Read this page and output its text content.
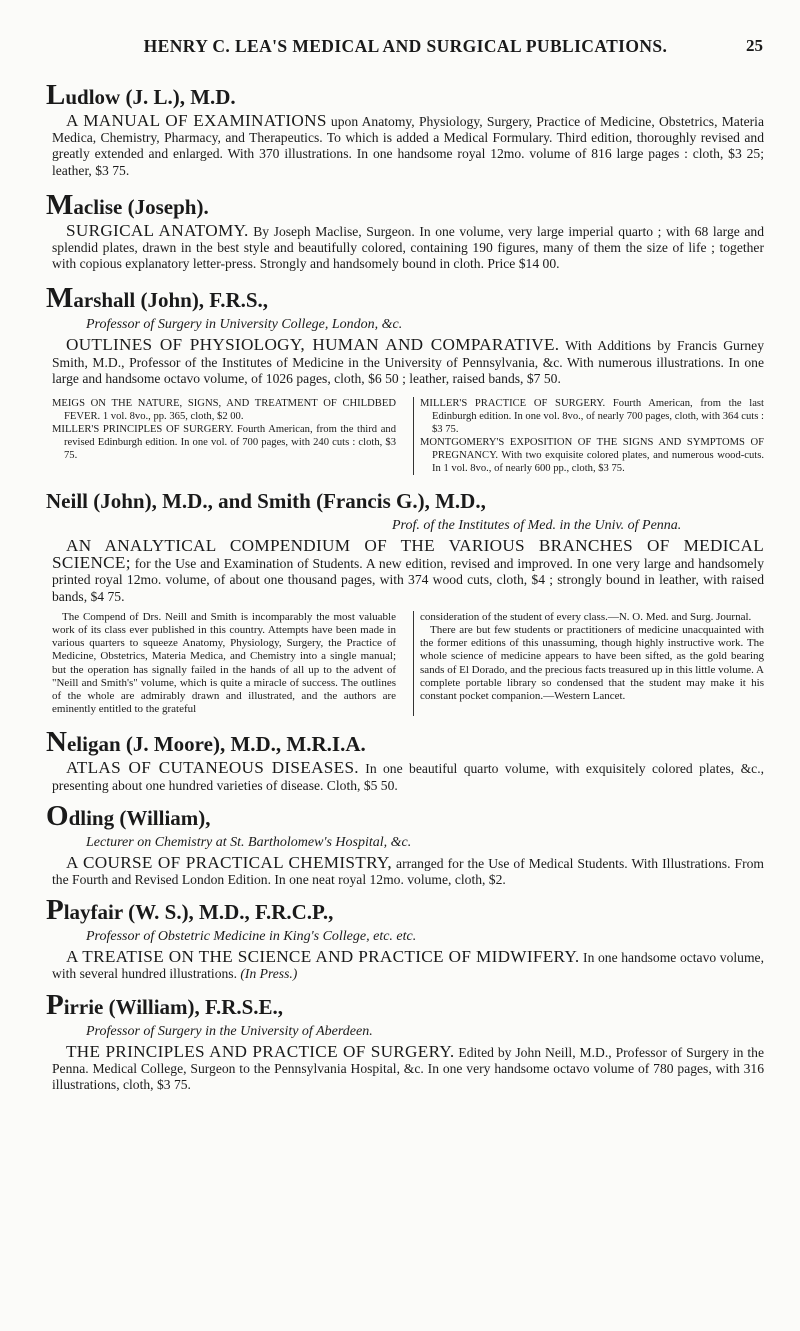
HENRY C. LEA'S MEDICAL AND SURGICAL PUBLICATIONS.	25
Ludlow (J. L.), M.D.

A MANUAL OF EXAMINATIONS upon Anatomy, Physiology, Surgery, Practice of Medicine, Obstetrics, Materia Medica, Chemistry, Pharmacy, and Therapeutics. To which is added a Medical Formulary. Third edition, thoroughly revised and greatly extended and enlarged. With 370 illustrations. In one handsome royal 12mo. volume of 816 large pages : cloth, $3 25; leather, $3 75.

Maclise (Joseph).

SURGICAL ANATOMY. By Joseph Maclise, Surgeon. In one volume, very large imperial quarto ; with 68 large and splendid plates, drawn in the best style and beautifully colored, containing 190 figures, many of them the size of life ; together with copious explanatory letter-press. Strongly and handsomely bound in cloth. Price $14 00.

Marshall (John), F.R.S.,
Professor of Surgery in University College, London, &c.

OUTLINES OF PHYSIOLOGY, HUMAN AND COMPARATIVE. With Additions by Francis Gurney Smith, M.D., Professor of the Institutes of Medicine in the University of Pennsylvania, &c. With numerous illustrations. In one large and handsome octavo volume, of 1026 pages, cloth, $6 50 ; leather, raised bands, $7 50.

MEIGS ON THE NATURE, SIGNS, AND TREATMENT OF CHILDBED FEVER. 1 vol. 8vo., pp. 365, cloth, $2 00.

MILLER'S PRINCIPLES OF SURGERY. Fourth American, from the third and revised Edinburgh edition. In one vol. of 700 pages, with 240 cuts : cloth, $3 75.

MILLER'S PRACTICE OF SURGERY. Fourth American, from the last Edinburgh edition. In one vol. 8vo., of nearly 700 pages, cloth, with 364 cuts : $3 75.

MONTGOMERY'S EXPOSITION OF THE SIGNS AND SYMPTOMS OF PREGNANCY. With two exquisite colored plates, and numerous wood-cuts. In 1 vol. 8vo., of nearly 600 pp., cloth, $3 75.

Neill (John), M.D., and Smith (Francis G.), M.D.,
Prof. of the Institutes of Med. in the Univ. of Penna.

AN ANALYTICAL COMPENDIUM OF THE VARIOUS BRANCHES OF MEDICAL SCIENCE; for the Use and Examination of Students. A new edition, revised and improved. In one very large and handsomely printed royal 12mo. volume, of about one thousand pages, with 374 wood cuts, cloth, $4 ; strongly bound in leather, with raised bands, $4 75.

The Compend of Drs. Neill and Smith is incomparably the most valuable work of its class ever published in this country. Attempts have been made in various quarters to squeeze Anatomy, Physiology, Surgery, the Practice of Medicine, Obstetrics, Materia Medica, and Chemistry into a single manual; but the operation has signally failed in the hands of all up to the advent of "Neill and Smith's" volume, which is quite a miracle of success. The outlines of the whole are admirably drawn and illustrated, and the authors are eminently entitled to the grateful

consideration of the student of every class.—N. O. Med. and Surg. Journal.

There are but few students or practitioners of medicine unacquainted with the former editions of this unassuming, though highly instructive work. The whole science of medicine appears to have been sifted, as the gold bearing sands of El Dorado, and the precious facts treasured up in this little volume. A complete portable library so condensed that the student may make it his constant pocket companion.—Western Lancet.

Neligan (J. Moore), M.D., M.R.I.A.

ATLAS OF CUTANEOUS DISEASES. In one beautiful quarto volume, with exquisitely colored plates, &c., presenting about one hundred varieties of disease. Cloth, $5 50.

Odling (William),
Lecturer on Chemistry at St. Bartholomew's Hospital, &c.

A COURSE OF PRACTICAL CHEMISTRY, arranged for the Use of Medical Students. With Illustrations. From the Fourth and Revised London Edition. In one neat royal 12mo. volume, cloth, $2.

Playfair (W. S.), M.D., F.R.C.P.,
Professor of Obstetric Medicine in King's College, etc. etc.

A TREATISE ON THE SCIENCE AND PRACTICE OF MIDWIFERY. In one handsome octavo volume, with several hundred illustrations. (In Press.)

Pirrie (William), F.R.S.E.,
Professor of Surgery in the University of Aberdeen.

THE PRINCIPLES AND PRACTICE OF SURGERY. Edited by John Neill, M.D., Professor of Surgery in the Penna. Medical College, Surgeon to the Pennsylvania Hospital, &c. In one very handsome octavo volume of 780 pages, with 316 illustrations, cloth, $3 75.
